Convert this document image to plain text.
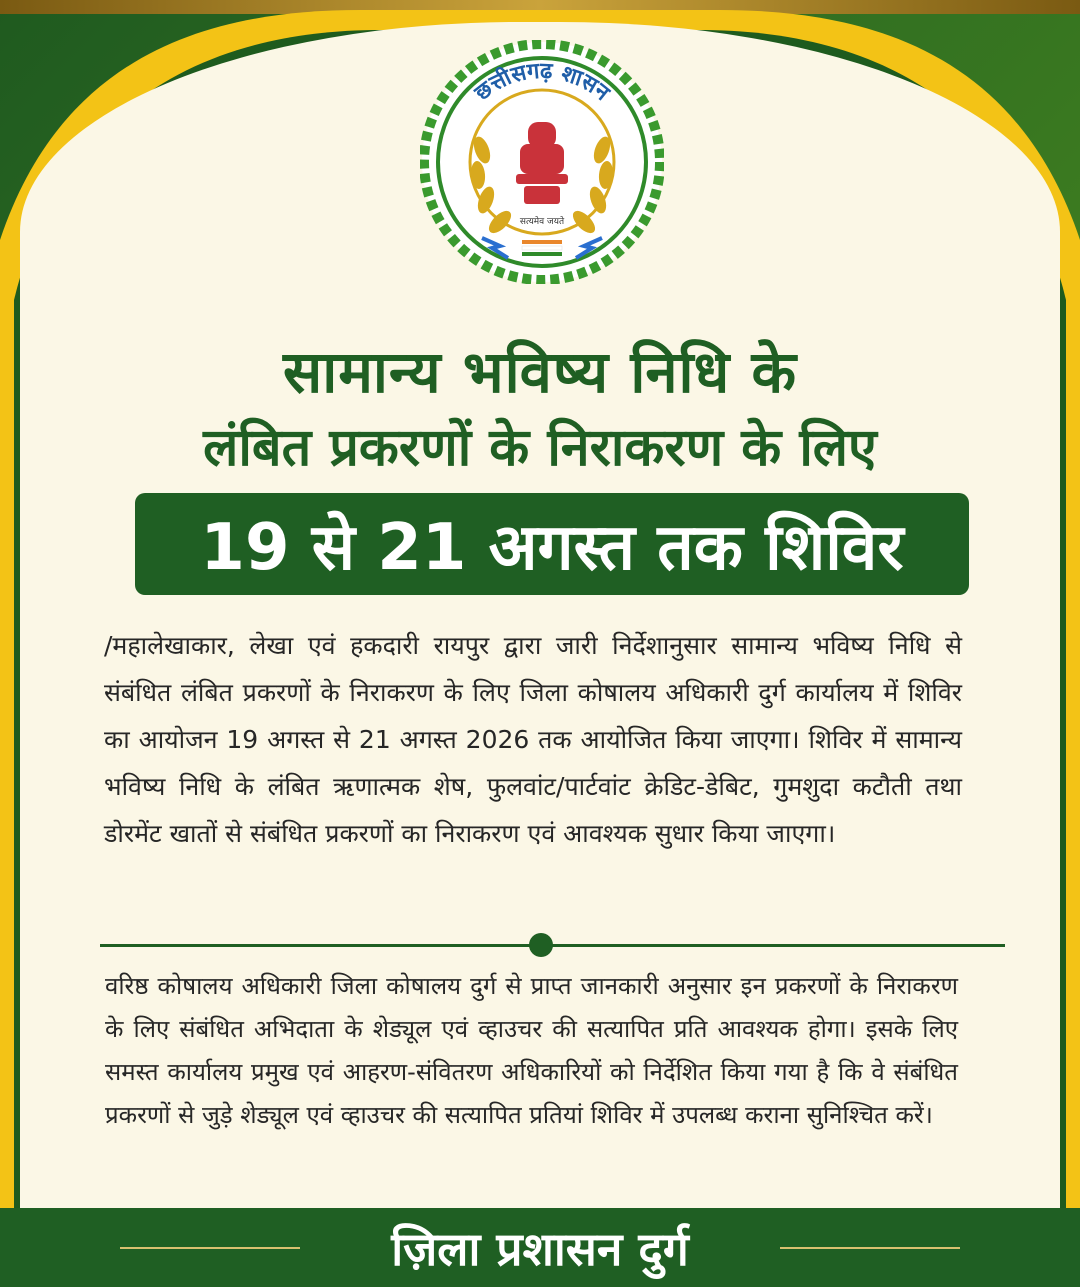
छत्तीसगढ़ शासन
सत्यमेव जयते
सामान्य भविष्य निधि के
लंबित प्रकरणों के निराकरण के लिए
19 से 21 अगस्त तक शिविर

/महालेखाकार, लेखा एवं हकदारी रायपुर द्वारा जारी निर्देशानुसार सामान्य भविष्य निधि से संबंधित लंबित प्रकरणों के निराकरण के लिए जिला कोषालय अधिकारी दुर्ग कार्यालय में शिविर का आयोजन 19 अगस्त से 21 अगस्त 2026 तक आयोजित किया जाएगा। शिविर में सामान्य भविष्य निधि के लंबित ऋणात्मक शेष, फुलवांट/पार्टवांट क्रेडिट-डेबिट, गुमशुदा कटौती तथा डोरमेंट खातों से संबंधित प्रकरणों का निराकरण एवं आवश्यक सुधार किया जाएगा।

वरिष्ठ कोषालय अधिकारी जिला कोषालय दुर्ग से प्राप्त जानकारी अनुसार इन प्रकरणों के निराकरण के लिए संबंधित अभिदाता के शेड्यूल एवं व्हाउचर की सत्यापित प्रति आवश्यक होगा। इसके लिए समस्त कार्यालय प्रमुख एवं आहरण-संवितरण अधिकारियों को निर्देशित किया गया है कि वे संबंधित प्रकरणों से जुड़े शेड्यूल एवं व्हाउचर की सत्यापित प्रतियां शिविर में उपलब्ध कराना सुनिश्चित करें।

ज़िला प्रशासन दुर्ग
